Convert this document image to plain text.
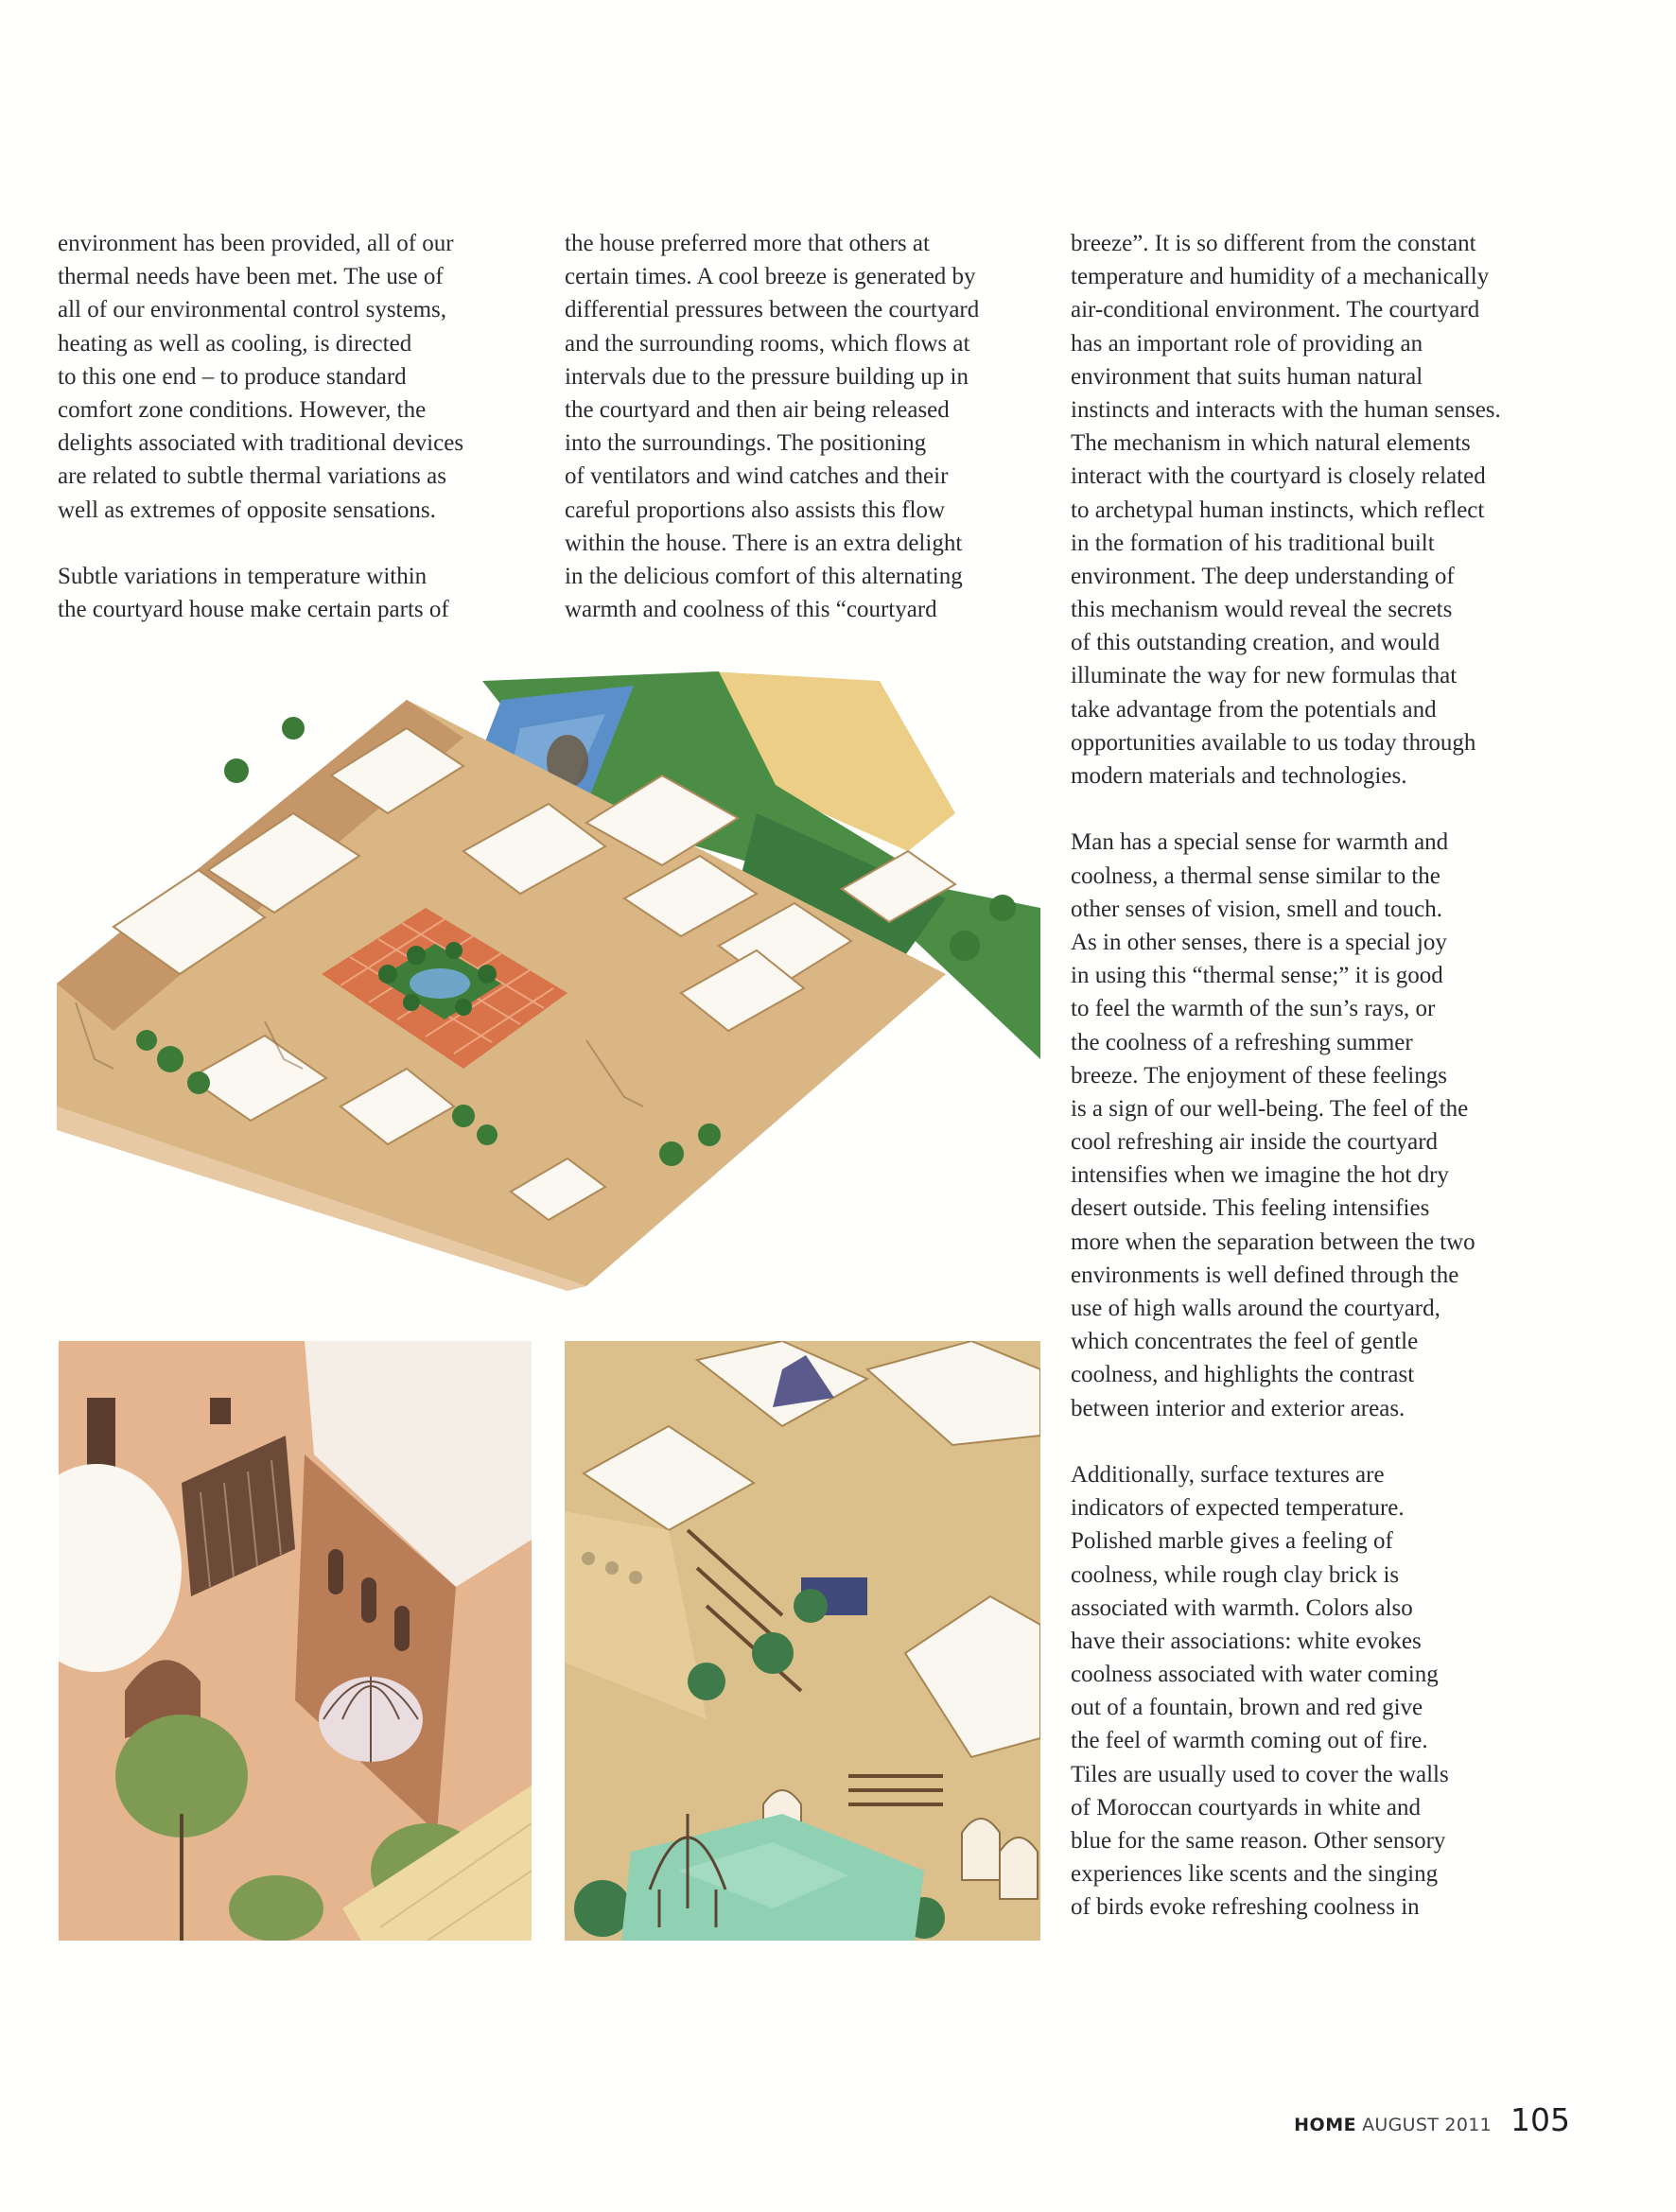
environment has been provided, all of our
thermal needs have been met. The use of
all of our environmental control systems,
heating as well as cooling, is directed
to this one end – to produce standard
comfort zone conditions. However, the
delights associated with traditional devices
are related to subtle thermal variations as
well as extremes of opposite sensations.
Subtle variations in temperature within
the courtyard house make certain parts of
the house preferred more that others at
certain times. A cool breeze is generated by
differential pressures between the courtyard
and the surrounding rooms, which flows at
intervals due to the pressure building up in
the courtyard and then air being released
into the surroundings. The positioning
of ventilators and wind catches and their
careful proportions also assists this flow
within the house. There is an extra delight
in the delicious comfort of this alternating
warmth and coolness of this “courtyard
breeze”. It is so different from the constant
temperature and humidity of a mechanically
air-conditional environment. The courtyard
has an important role of providing an
environment that suits human natural
instincts and interacts with the human senses.
The mechanism in which natural elements
interact with the courtyard is closely related
to archetypal human instincts, which reflect
in the formation of his traditional built
environment. The deep understanding of
this mechanism would reveal the secrets
of this outstanding creation, and would
illuminate the way for new formulas that
take advantage from the potentials and
opportunities available to us today through
modern materials and technologies.
Man has a special sense for warmth and
coolness, a thermal sense similar to the
other senses of vision, smell and touch.
As in other senses, there is a special joy
in using this “thermal sense;” it is good
to feel the warmth of the sun’s rays, or
the coolness of a refreshing summer
breeze. The enjoyment of these feelings
is a sign of our well-being. The feel of the
cool refreshing air inside the courtyard
intensifies when we imagine the hot dry
desert outside. This feeling intensifies
more when the separation between the two
environments is well defined through the
use of high walls around the courtyard,
which concentrates the feel of gentle
coolness, and highlights the contrast
between interior and exterior areas.
Additionally, surface textures are
indicators of expected temperature.
Polished marble gives a feeling of
coolness, while rough clay brick is
associated with warmth. Colors also
have their associations: white evokes
coolness associated with water coming
out of a fountain, brown and red give
the feel of warmth coming out of fire.
Tiles are usually used to cover the walls
of Moroccan courtyards in white and
blue for the same reason. Other sensory
experiences like scents and the singing
of birds evoke refreshing coolness in
HOME AUGUST 2011 105
